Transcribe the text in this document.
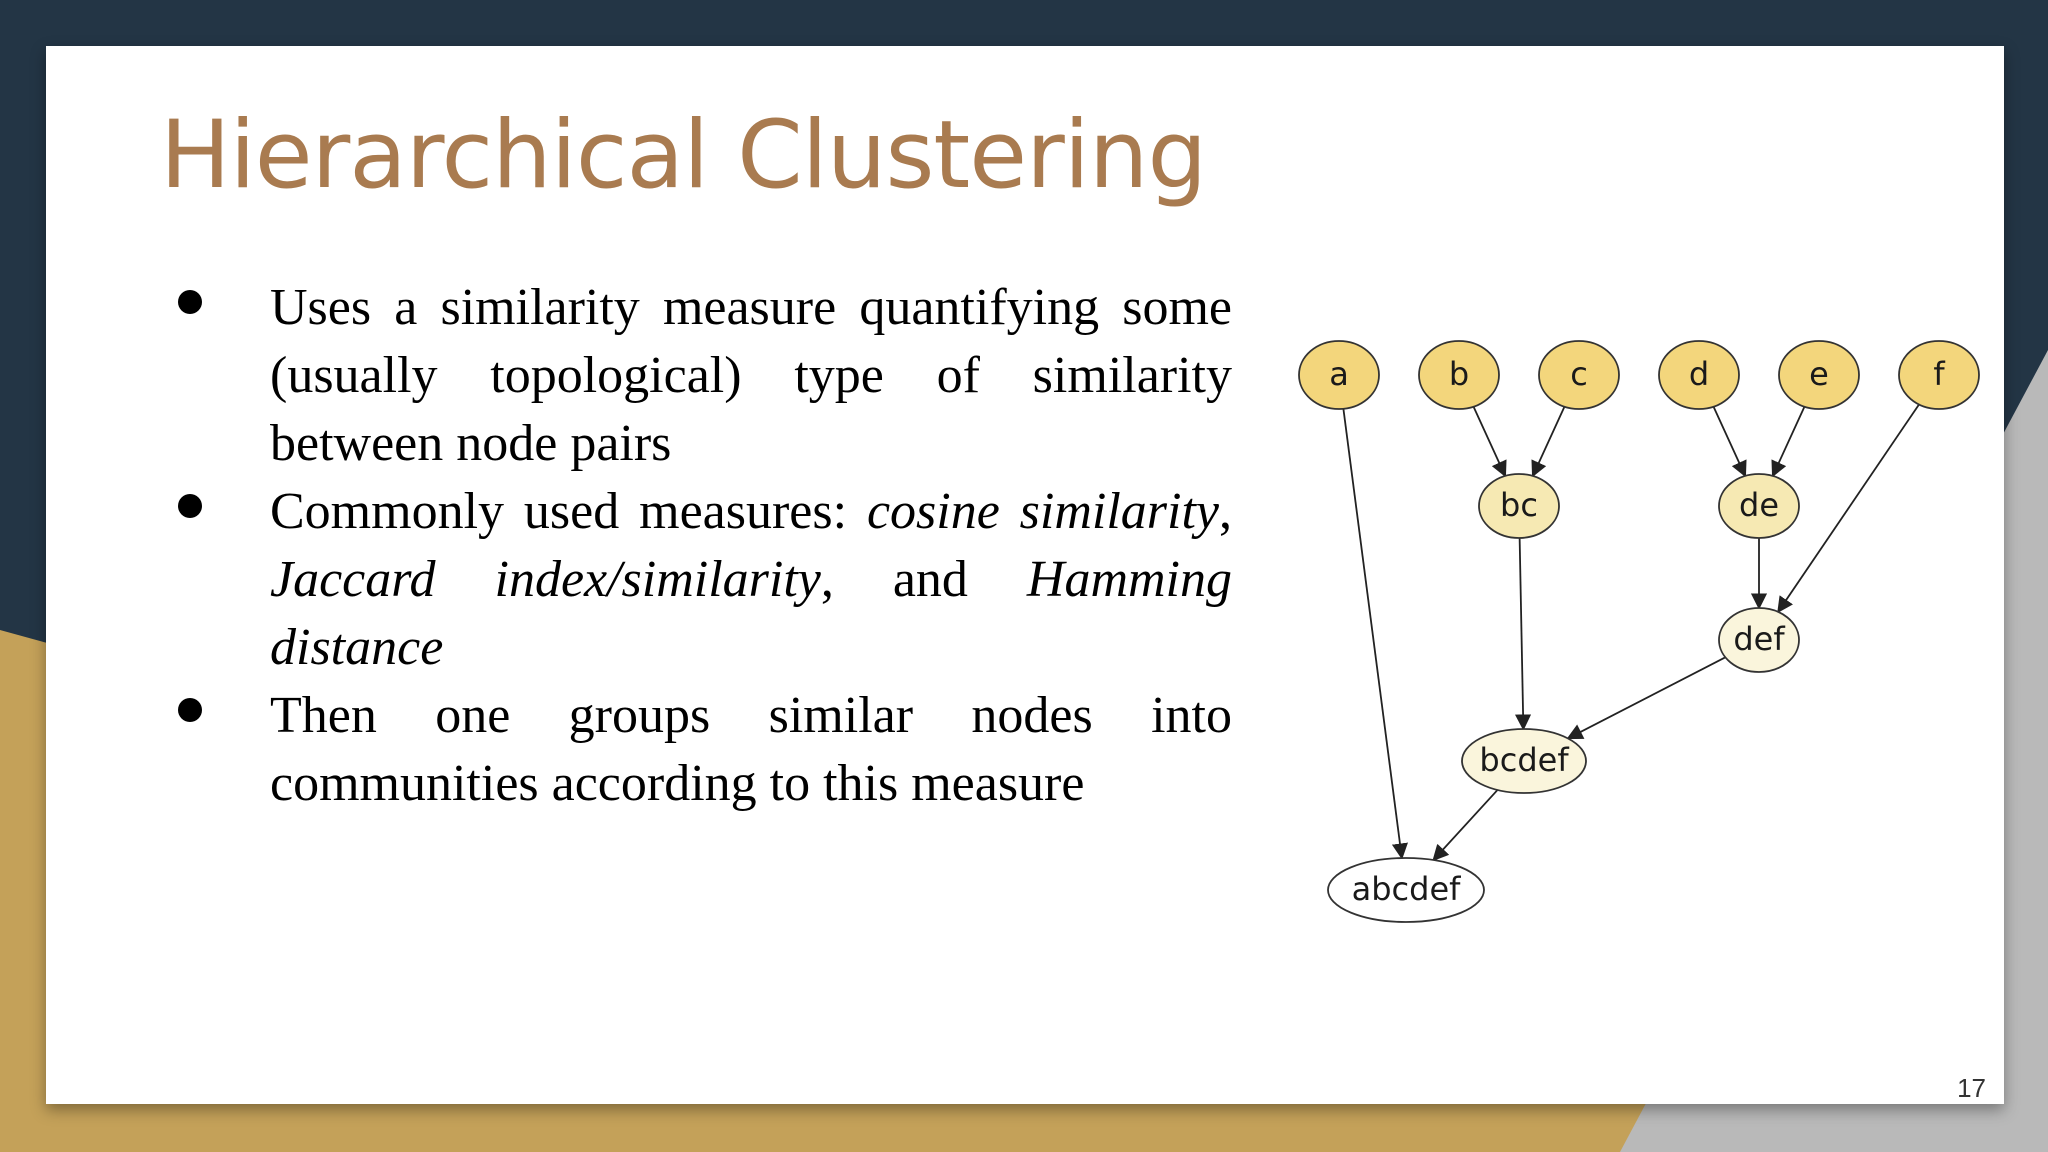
Hierarchical Clustering
Uses a similarity measure quantifying some (usually topological) type of similarity between node pairs
Commonly used measures: cosine similarity, Jaccard index/similarity, and Hamming distance
Then one groups similar nodes into communities according to this measure
a	b	c	d	e	f
bc	de
def
bcdef
abcdef

17
